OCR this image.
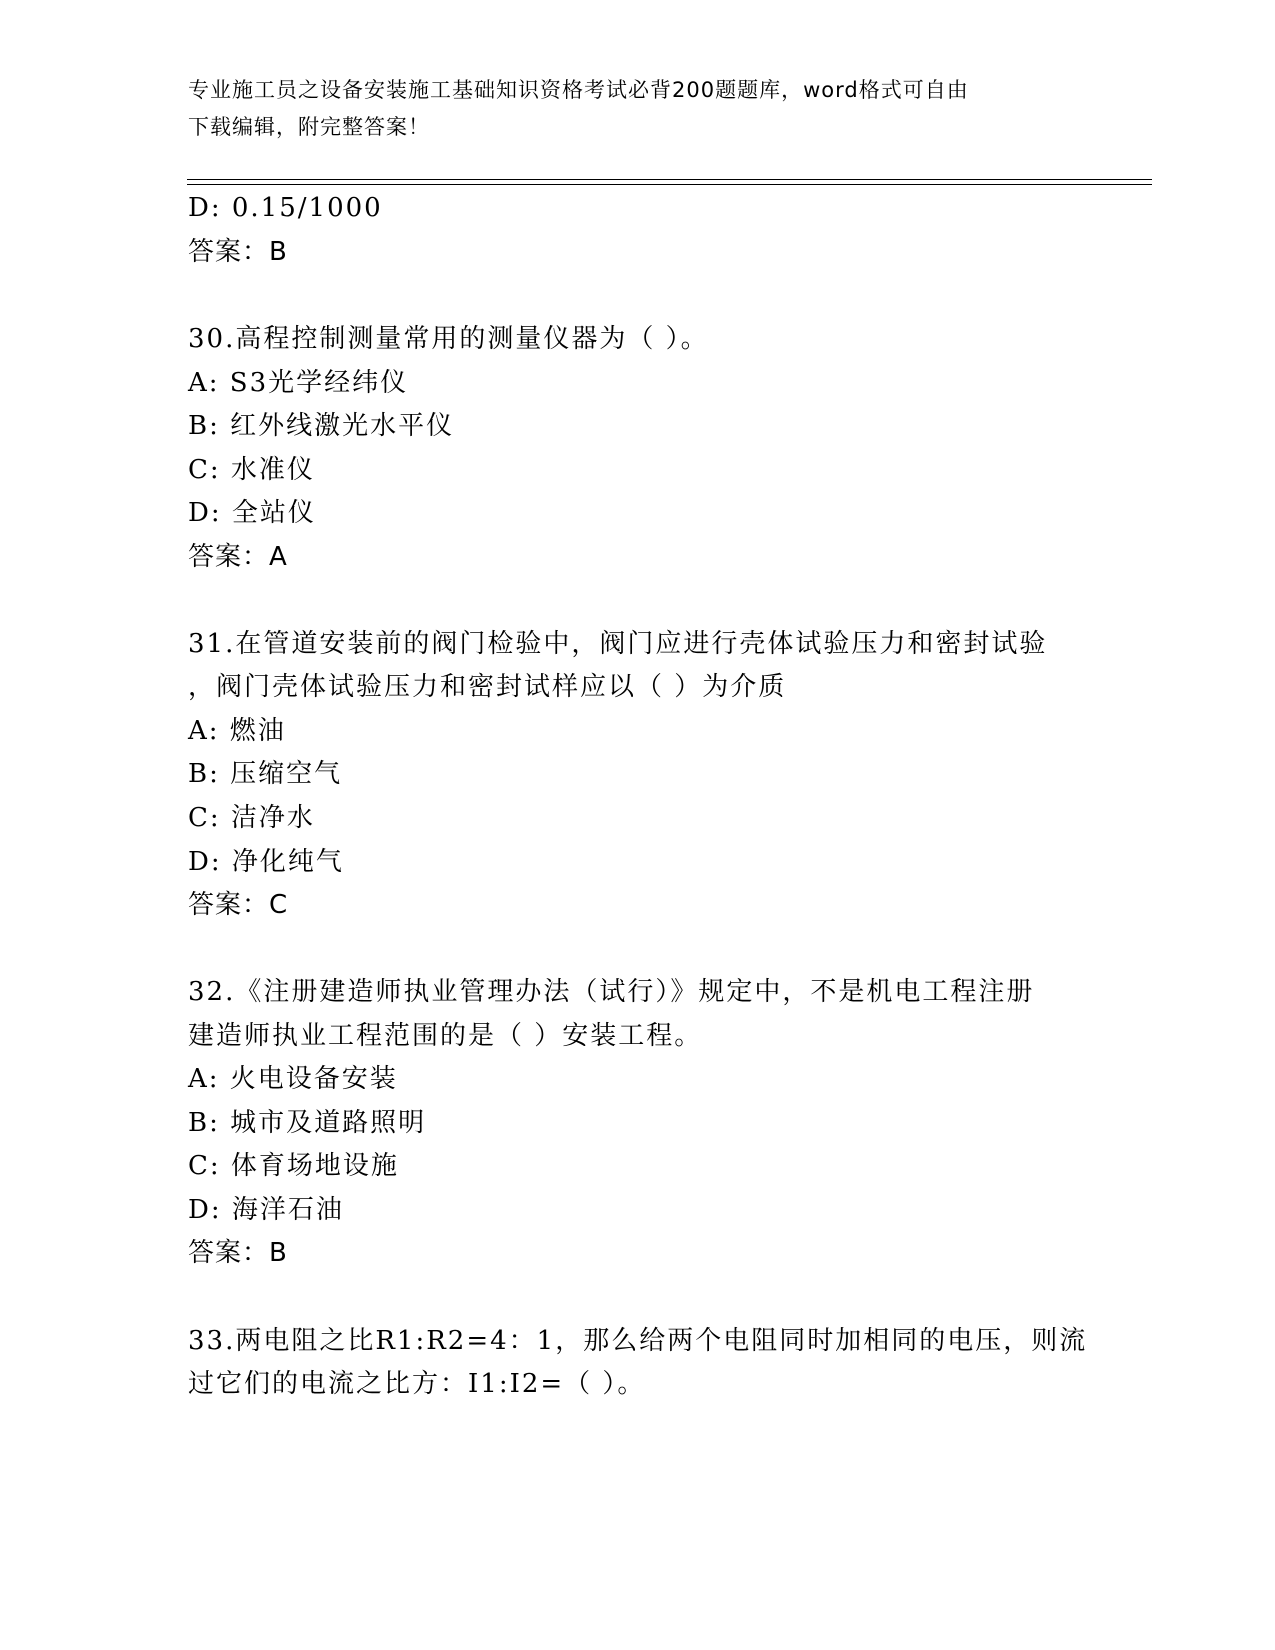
专业施工员之设备安装施工基础知识资格考试必背200题题库，word格式可自由
下载编辑，附完整答案！
D: 0.15/1000
答案：B
30.高程控制测量常用的测量仪器为（ ）。
A: S3光学经纬仪
B: 红外线激光水平仪
C: 水准仪
D: 全站仪
答案：A
31.在管道安装前的阀门检验中，阀门应进行壳体试验压力和密封试验
，阀门壳体试验压力和密封试样应以（ ）为介质
A: 燃油
B: 压缩空气
C: 洁净水
D: 净化纯气
答案：C
32.《注册建造师执业管理办法（试行）》规定中，不是机电工程注册
建造师执业工程范围的是（ ）安装工程。
A: 火电设备安装
B: 城市及道路照明
C: 体育场地设施
D: 海洋石油
答案：B
33.两电阻之比R1:R2=4：1，那么给两个电阻同时加相同的电压，则流
过它们的电流之比方：I1:I2=（ ）。
